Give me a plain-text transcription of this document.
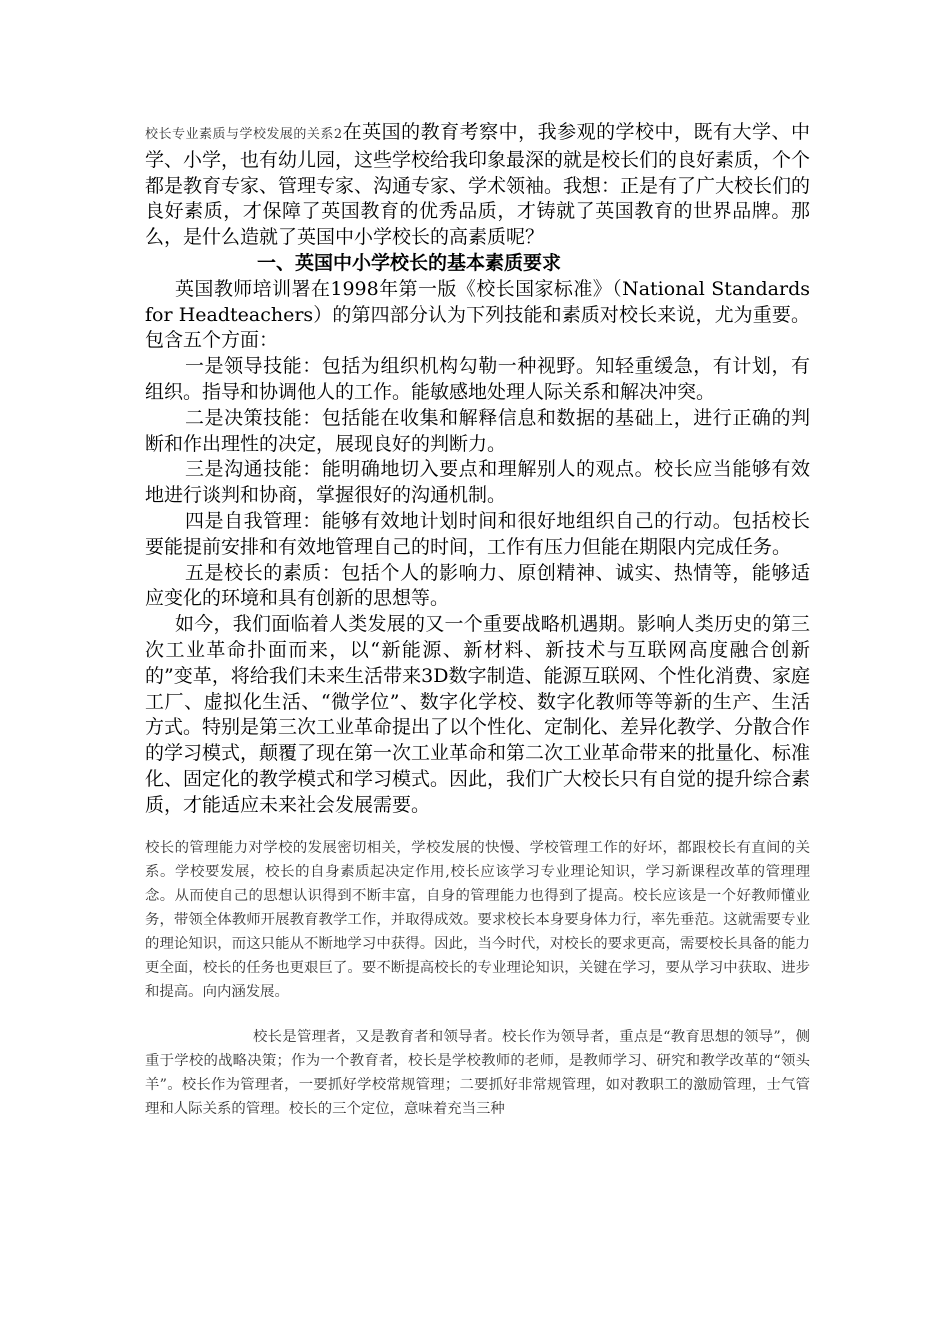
校长专业素质与学校发展的关系2在英国的教育考察中，我参观的学校中，既有大学、中学、小学，也有幼儿园，这些学校给我印象最深的就是校长们的良好素质，个个都是教育专家、管理专家、沟通专家、学术领袖。我想：正是有了广大校长们的良好素质，才保障了英国教育的优秀品质，才铸就了英国教育的世界品牌。那么，是什么造就了英国中小学校长的高素质呢？

一、英国中小学校长的基本素质要求

英国教师培训署在1998年第一版《校长国家标准》（National Standards for Headteachers）的第四部分认为下列技能和素质对校长来说，尤为重要。包含五个方面：

一是领导技能：包括为组织机构勾勒一种视野。知轻重缓急，有计划，有组织。指导和协调他人的工作。能敏感地处理人际关系和解决冲突。

二是决策技能：包括能在收集和解释信息和数据的基础上，进行正确的判断和作出理性的决定，展现良好的判断力。

三是沟通技能：能明确地切入要点和理解别人的观点。校长应当能够有效地进行谈判和协商，掌握很好的沟通机制。

四是自我管理：能够有效地计划时间和很好地组织自己的行动。包括校长要能提前安排和有效地管理自己的时间，工作有压力但能在期限内完成任务。

五是校长的素质：包括个人的影响力、原创精神、诚实、热情等，能够适应变化的环境和具有创新的思想等。

如今，我们面临着人类发展的又一个重要战略机遇期。影响人类历史的第三次工业革命扑面而来，以“新能源、新材料、新技术与互联网高度融合创新的”变革，将给我们未来生活带来3D数字制造、能源互联网、个性化消费、家庭工厂、虚拟化生活、“微学位”、数字化学校、数字化教师等等新的生产、生活方式。特别是第三次工业革命提出了以个性化、定制化、差异化教学、分散合作的学习模式，颠覆了现在第一次工业革命和第二次工业革命带来的批量化、标准化、固定化的教学模式和学习模式。因此，我们广大校长只有自觉的提升综合素质，才能适应未来社会发展需要。

校长的管理能力对学校的发展密切相关，学校发展的快慢、学校管理工作的好坏，都跟校长有直间的关系。学校要发展，校长的自身素质起决定作用,校长应该学习专业理论知识，学习新课程改革的管理理念。从而使自己的思想认识得到不断丰富，自身的管理能力也得到了提高。校长应该是一个好教师懂业务，带领全体教师开展教育教学工作，并取得成效。要求校长本身要身体力行，率先垂范。这就需要专业的理论知识，而这只能从不断地学习中获得。因此，当今时代，对校长的要求更高，需要校长具备的能力更全面，校长的任务也更艰巨了。要不断提高校长的专业理论知识，关键在学习，要从学习中获取、进步和提高。向内涵发展。

校长是管理者，又是教育者和领导者。校长作为领导者，重点是“教育思想的领导”，侧重于学校的战略决策；作为一个教育者，校长是学校教师的老师，是教师学习、研究和教学改革的“领头羊”。校长作为管理者，一要抓好学校常规管理；二要抓好非常规管理，如对教职工的激励管理，士气管理和人际关系的管理。校长的三个定位，意味着充当三种
